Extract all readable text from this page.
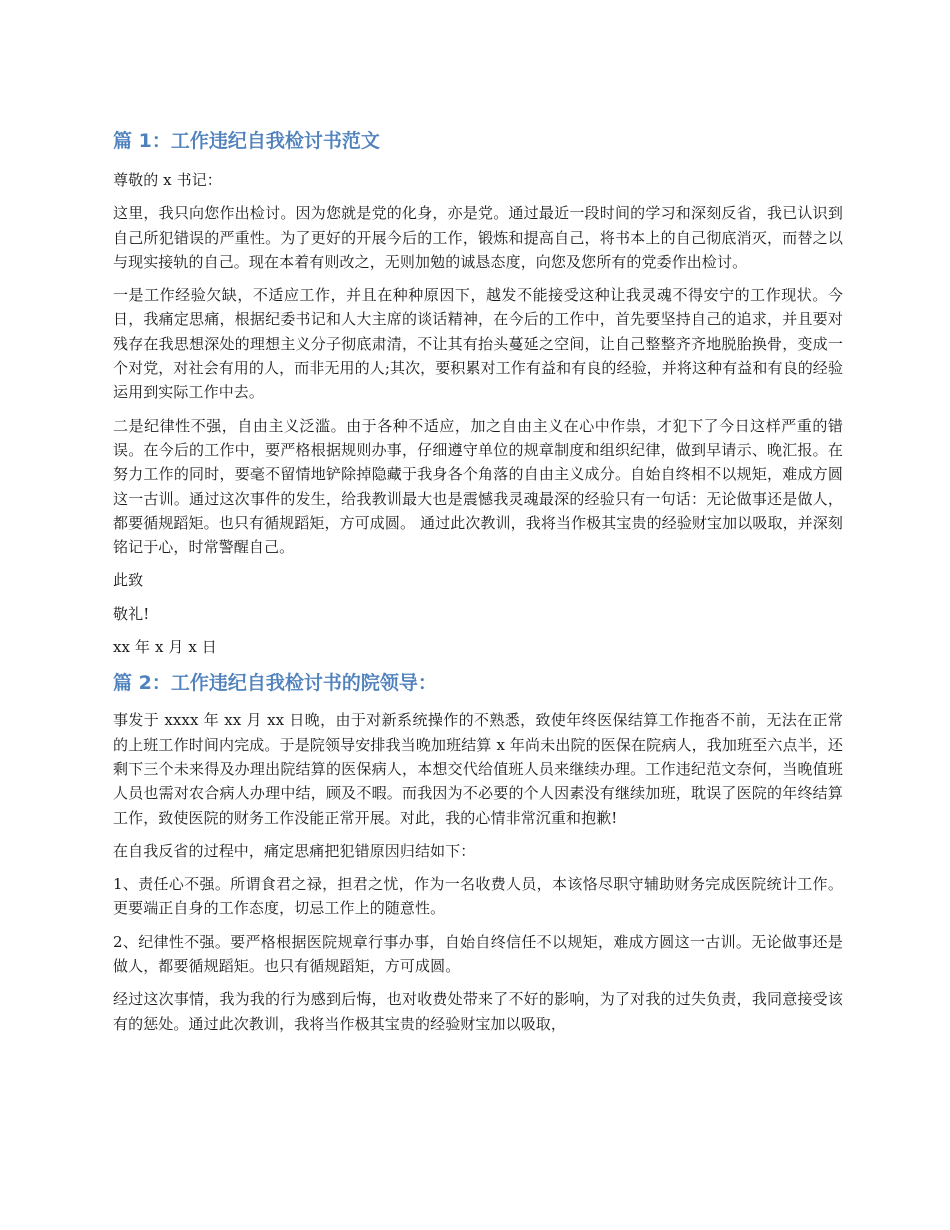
篇 1：工作违纪自我检讨书范文

尊敬的 x 书记：

这里，我只向您作出检讨。因为您就是党的化身，亦是党。通过最近一段时间的学习和深刻反省，我已认识到自己所犯错误的严重性。为了更好的开展今后的工作，锻炼和提高自己，将书本上的自己彻底消灭，而替之以与现实接轨的自己。现在本着有则改之，无则加勉的诚恳态度，向您及您所有的党委作出检讨。

一是工作经验欠缺，不适应工作，并且在种种原因下，越发不能接受这种让我灵魂不得安宁的工作现状。今日，我痛定思痛，根据纪委书记和人大主席的谈话精神，在今后的工作中，首先要坚持自己的追求，并且要对残存在我思想深处的理想主义分子彻底肃清，不让其有抬头蔓延之空间，让自己整整齐齐地脱胎换骨，变成一个对党，对社会有用的人，而非无用的人;其次，要积累对工作有益和有良的经验，并将这种有益和有良的经验运用到实际工作中去。

二是纪律性不强，自由主义泛滥。由于各种不适应，加之自由主义在心中作祟，才犯下了今日这样严重的错误。在今后的工作中，要严格根据规则办事，仔细遵守单位的规章制度和组织纪律，做到早请示、晚汇报。在努力工作的同时，要毫不留情地铲除掉隐藏于我身各个角落的自由主义成分。自始自终相不以规矩，难成方圆这一古训。通过这次事件的发生，给我教训最大也是震憾我灵魂最深的经验只有一句话：无论做事还是做人，都要循规蹈矩。也只有循规蹈矩，方可成圆。 通过此次教训，我将当作极其宝贵的经验财宝加以吸取，并深刻铭记于心，时常警醒自己。

此致

敬礼!

xx 年 x 月 x 日

篇 2：工作违纪自我检讨书的院领导：

事发于 xxxx 年 xx 月 xx 日晚，由于对新系统操作的不熟悉，致使年终医保结算工作拖沓不前，无法在正常的上班工作时间内完成。于是院领导安排我当晚加班结算 x 年尚未出院的医保在院病人，我加班至六点半，还剩下三个未来得及办理出院结算的医保病人，本想交代给值班人员来继续办理。工作违纪范文奈何，当晚值班人员也需对农合病人办理中结，顾及不暇。而我因为不必要的个人因素没有继续加班，耽误了医院的年终结算工作，致使医院的财务工作没能正常开展。对此，我的心情非常沉重和抱歉!

在自我反省的过程中，痛定思痛把犯错原因归结如下：

1、责任心不强。所谓食君之禄，担君之忧，作为一名收费人员，本该恪尽职守辅助财务完成医院统计工作。更要端正自身的工作态度，切忌工作上的随意性。

2、纪律性不强。要严格根据医院规章行事办事，自始自终信任不以规矩，难成方圆这一古训。无论做事还是做人，都要循规蹈矩。也只有循规蹈矩，方可成圆。

经过这次事情，我为我的行为感到后悔，也对收费处带来了不好的影响，为了对我的过失负责，我同意接受该有的惩处。通过此次教训，我将当作极其宝贵的经验财宝加以吸取，
